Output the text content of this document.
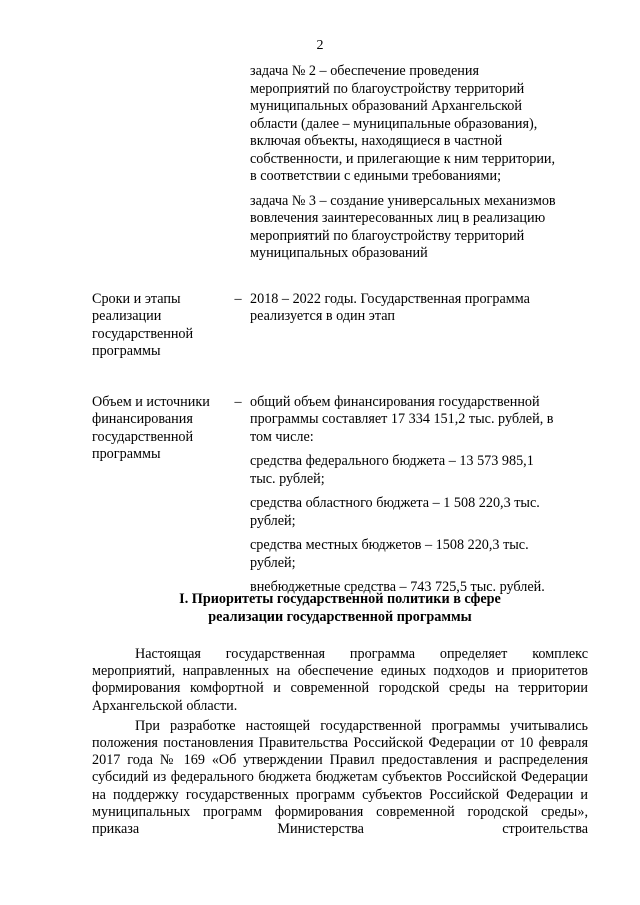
2

задача № 2 – обеспечение проведения мероприятий по благоустройству территорий муниципальных образований Архангельской области (далее – муниципальные образования), включая объекты, находящиеся в частной собственности, и прилегающие к ним территории, в соответствии с едиными требованиями;

задача № 3 – создание универсальных механизмов вовлечения заинтересованных лиц в реализацию мероприятий по благоустройству территорий муниципальных образований

Сроки и этапы реализации государственной программы
– 2018 – 2022 годы. Государственная программа реализуется в один этап

Объем и источники финансирования государственной программы
– общий объем финансирования государственной программы составляет 17 334 151,2 тыс. рублей, в том числе:

средства федерального бюджета – 13 573 985,1 тыс. рублей;

средства областного бюджета – 1 508 220,3 тыс. рублей;

средства местных бюджетов – 1508 220,3 тыс. рублей;

внебюджетные средства – 743 725,5 тыс. рублей.

I. Приоритеты государственной политики в сфере
реализации государственной программы

Настоящая государственная программа определяет комплекс мероприятий, направленных на обеспечение единых подходов и приоритетов формирования комфортной и современной городской среды на территории Архангельской области.

При разработке настоящей государственной программы учитывались положения постановления Правительства Российской Федерации от 10 февраля 2017 года № 169 «Об утверждении Правил предоставления и распределения субсидий из федерального бюджета бюджетам субъектов Российской Федерации на поддержку государственных программ субъектов Российской Федерации и муниципальных программ формирования современной городской среды», приказа Министерства строительства
